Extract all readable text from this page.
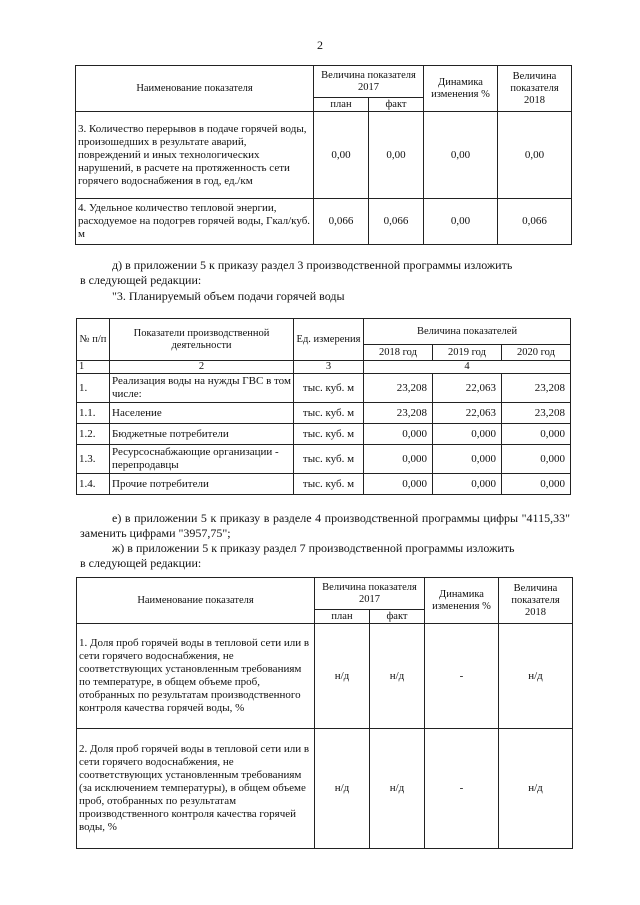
2
Наименование показателя	Величина показателя 2017		Динамика изменения %	Величина показателя 2018
	план	факт		
3. Количество перерывов в подаче горячей воды, произошедших в результате аварий, повреждений и иных технологических нарушений, в расчете на протяженность сети горячего водоснабжения в год, ед./км	0,00	0,00	0,00	0,00
4. Удельное количество тепловой энергии, расходуемое на подогрев горячей воды, Гкал/куб. м	0,066	0,066	0,00	0,066
д) в приложении 5 к приказу раздел 3 производственной программы изложить
в следующей редакции:
"3. Планируемый объем подачи горячей воды
№ п/п	Показатели производственной деятельности	Ед. измерения	Величина показателей		
			2018 год	2019 год	2020 год
1	2	3	4		
1.	Реализация воды на нужды ГВС в том числе:	тыс. куб. м	23,208	22,063	23,208
1.1.	Население	тыс. куб. м	23,208	22,063	23,208
1.2.	Бюджетные потребители	тыс. куб. м	0,000	0,000	0,000
1.3.	Ресурсоснабжающие организации - перепродавцы	тыс. куб. м	0,000	0,000	0,000
1.4.	Прочие потребители	тыс. куб. м	0,000	0,000	0,000
е) в приложении 5 к приказу в разделе 4 производственной программы цифры "4115,33" заменить цифрами "3957,75";
ж) в приложении 5 к приказу раздел 7 производственной программы изложить
в следующей редакции:
Наименование показателя	Величина показателя 2017		Динамика изменения %	Величина показателя 2018
	план	факт		
1. Доля проб горячей воды в тепловой сети или в сети горячего водоснабжения, не соответствующих установленным требованиям по температуре, в общем объеме проб, отобранных по результатам производственного контроля качества горячей воды, %	н/д	н/д	-	н/д
2. Доля проб горячей воды в тепловой сети или в сети горячего водоснабжения, не соответствующих установленным требованиям (за исключением температуры), в общем объеме проб, отобранных по результатам производственного контроля качества горячей воды, %	н/д	н/д	-	н/д
